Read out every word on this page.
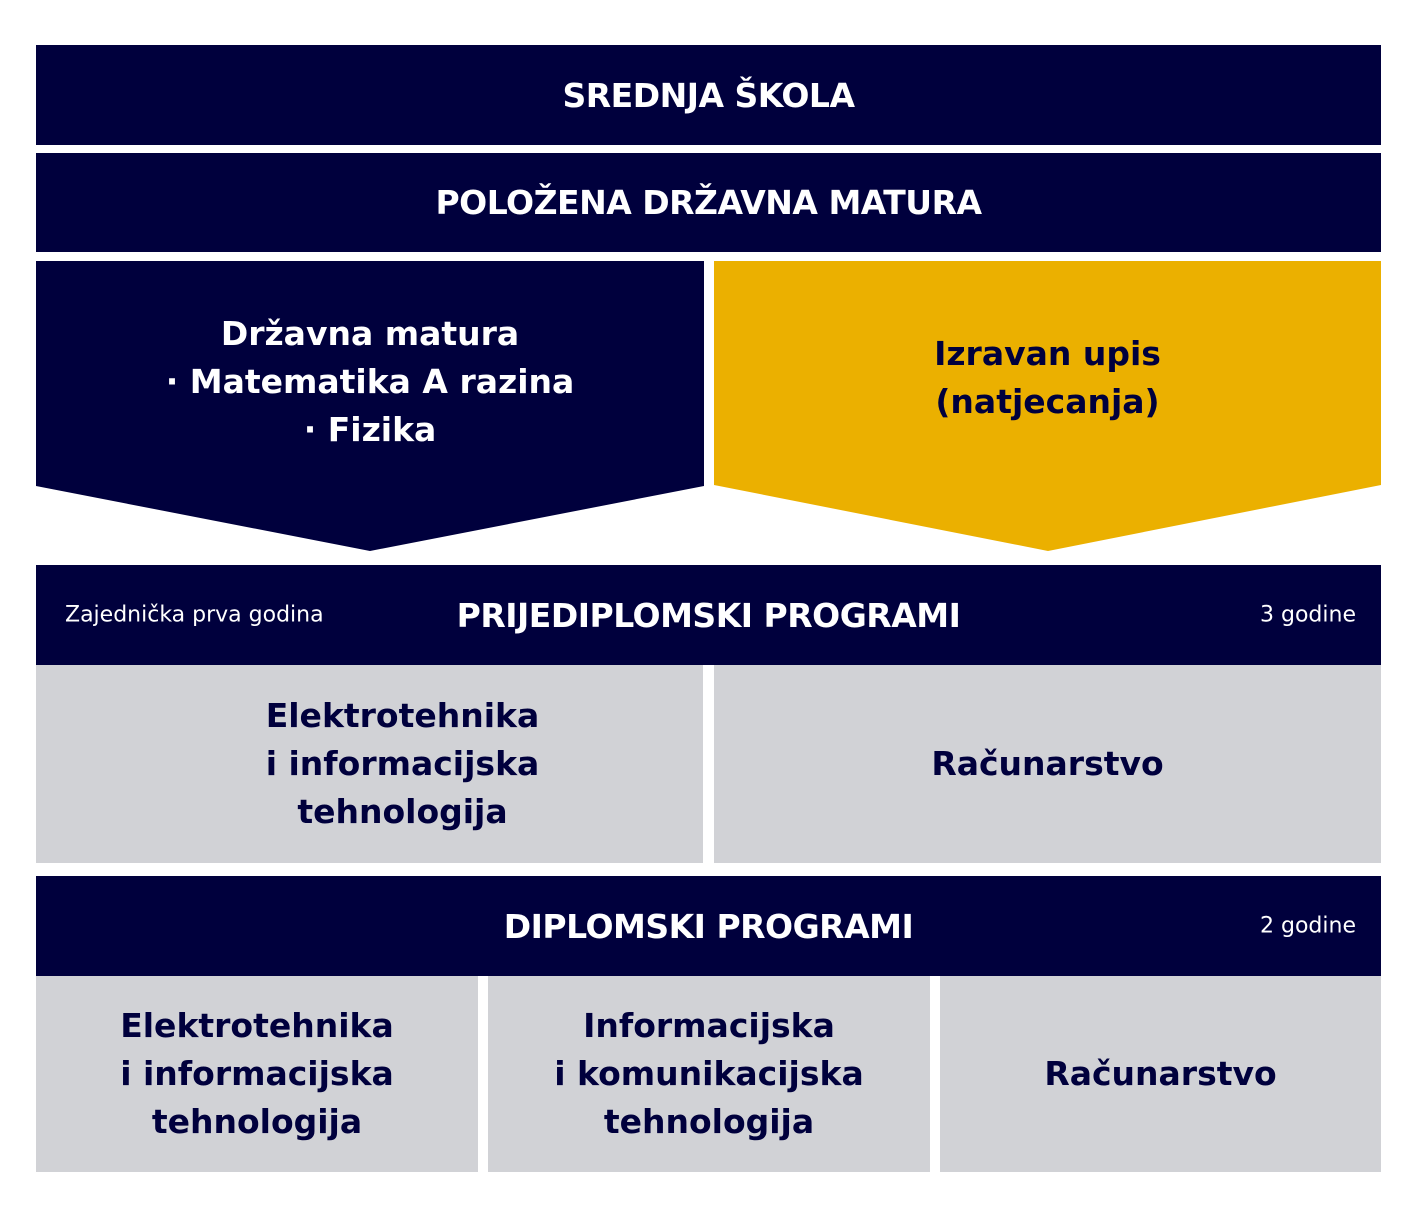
SREDNJA ŠKOLA
POLOŽENA DRŽAVNA MATURA
Državna matura
· Matematika A razina
· Fizika
Izravan upis
(natjecanja)
Zajednička prva godina	PRIJEDIPLOMSKI PROGRAMI	3 godine
Elektrotehnika
i informacijska
tehnologija
Računarstvo
DIPLOMSKI PROGRAMI	2 godine
Elektrotehnika
i informacijska
tehnologija
Informacijska
i komunikacijska
tehnologija
Računarstvo
